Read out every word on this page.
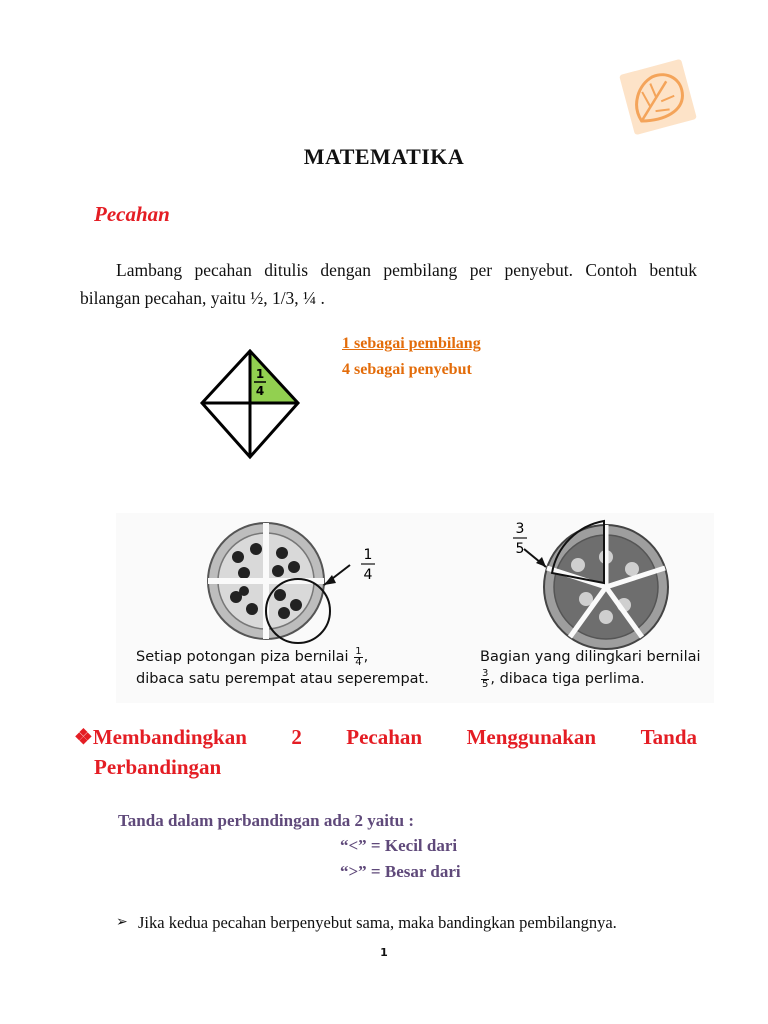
MATEMATIKA
Pecahan
Lambang pecahan ditulis dengan pembilang per penyebut. Contoh bentuk bilangan pecahan, yaitu ½, 1/3, ¼ .
1
4
1 sebagai pembilang
4 sebagai penyebut
1
4
3
5
Setiap potongan piza bernilai $\frac{1}{4}$ ,
dibaca satu perempat atau seperempat.
Bagian yang dilingkari bernilai
$\frac{3}{5}$ , dibaca tiga perlima.
❖Membandingkan 2 Pecahan Menggunakan Tanda
Perbandingan
Tanda dalam perbandingan ada 2 yaitu :
“<” = Kecil dari
“>” = Besar dari
➢ Jika kedua pecahan berpenyebut sama, maka bandingkan pembilangnya.
1
